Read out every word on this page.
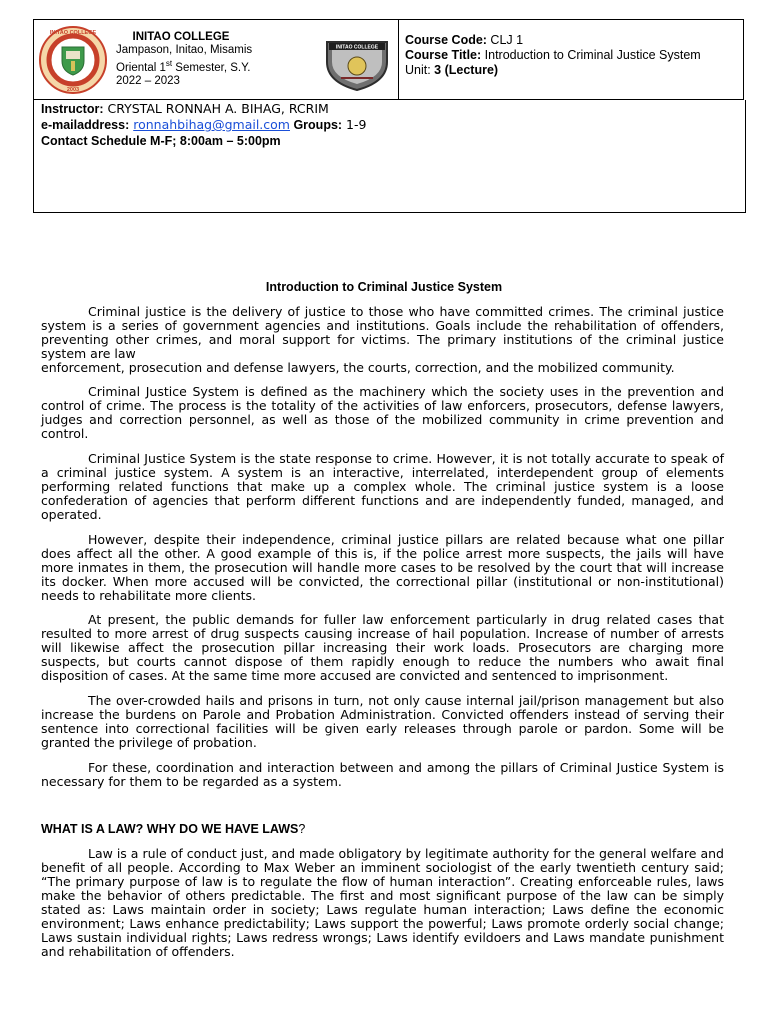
INITAO COLLEGE
2003
INITAO COLLEGE
Jampason, Initao, Misamis
Oriental 1st Semester, S.Y.
2022 – 2023
INITAO COLLEGE
Course Code: CLJ 1
Course Title: Introduction to Criminal Justice System
Unit: 3 (Lecture)
Instructor: CRYSTAL RONNAH A. BIHAG, RCRIM
e-mailaddress: ronnahbihag@gmail.com Groups: 1-9
Contact Schedule M-F; 8:00am – 5:00pm
Introduction to Criminal Justice System

Criminal justice is the delivery of justice to those who have committed crimes. The criminal justice system is a series of government agencies and institutions. Goals include the rehabilitation of offenders, preventing other crimes, and moral support for victims. The primary institutions of the criminal justice system are law
enforcement, prosecution and defense lawyers, the courts, correction, and the mobilized community.

Criminal Justice System is defined as the machinery which the society uses in the prevention and control of crime. The process is the totality of the activities of law enforcers, prosecutors, defense lawyers, judges and correction personnel, as well as those of the mobilized community in crime prevention and control.

Criminal Justice System is the state response to crime. However, it is not totally accurate to speak of a criminal justice system. A system is an interactive, interrelated, interdependent group of elements performing related functions that make up a complex whole. The criminal justice system is a loose confederation of agencies that perform different functions and are independently funded, managed, and operated.

However, despite their independence, criminal justice pillars are related because what one pillar does affect all the other. A good example of this is, if the police arrest more suspects, the jails will have more inmates in them, the prosecution will handle more cases to be resolved by the court that will increase its docker. When more accused will be convicted, the correctional pillar (institutional or non-institutional) needs to rehabilitate more clients.

At present, the public demands for fuller law enforcement particularly in drug related cases that resulted to more arrest of drug suspects causing increase of hail population. Increase of number of arrests will likewise affect the prosecution pillar increasing their work loads. Prosecutors are charging more suspects, but courts cannot dispose of them rapidly enough to reduce the numbers who await final disposition of cases. At the same time more accused are convicted and sentenced to imprisonment.

The over-crowded hails and prisons in turn, not only cause internal jail/prison management but also increase the burdens on Parole and Probation Administration. Convicted offenders instead of serving their sentence into correctional facilities will be given early releases through parole or pardon. Some will be granted the privilege of probation.

For these, coordination and interaction between and among the pillars of Criminal Justice System is necessary for them to be regarded as a system.

WHAT IS A LAW? WHY DO WE HAVE LAWS?

Law is a rule of conduct just, and made obligatory by legitimate authority for the general welfare and benefit of all people. According to Max Weber an imminent sociologist of the early twentieth century said; “The primary purpose of law is to regulate the flow of human interaction”. Creating enforceable rules, laws make the behavior of others predictable. The first and most significant purpose of the law can be simply stated as: Laws maintain order in society; Laws regulate human interaction; Laws define the economic environment; Laws enhance predictability; Laws support the powerful; Laws promote orderly social change; Laws sustain individual rights; Laws redress wrongs; Laws identify evildoers and Laws mandate punishment and rehabilitation of offenders.
